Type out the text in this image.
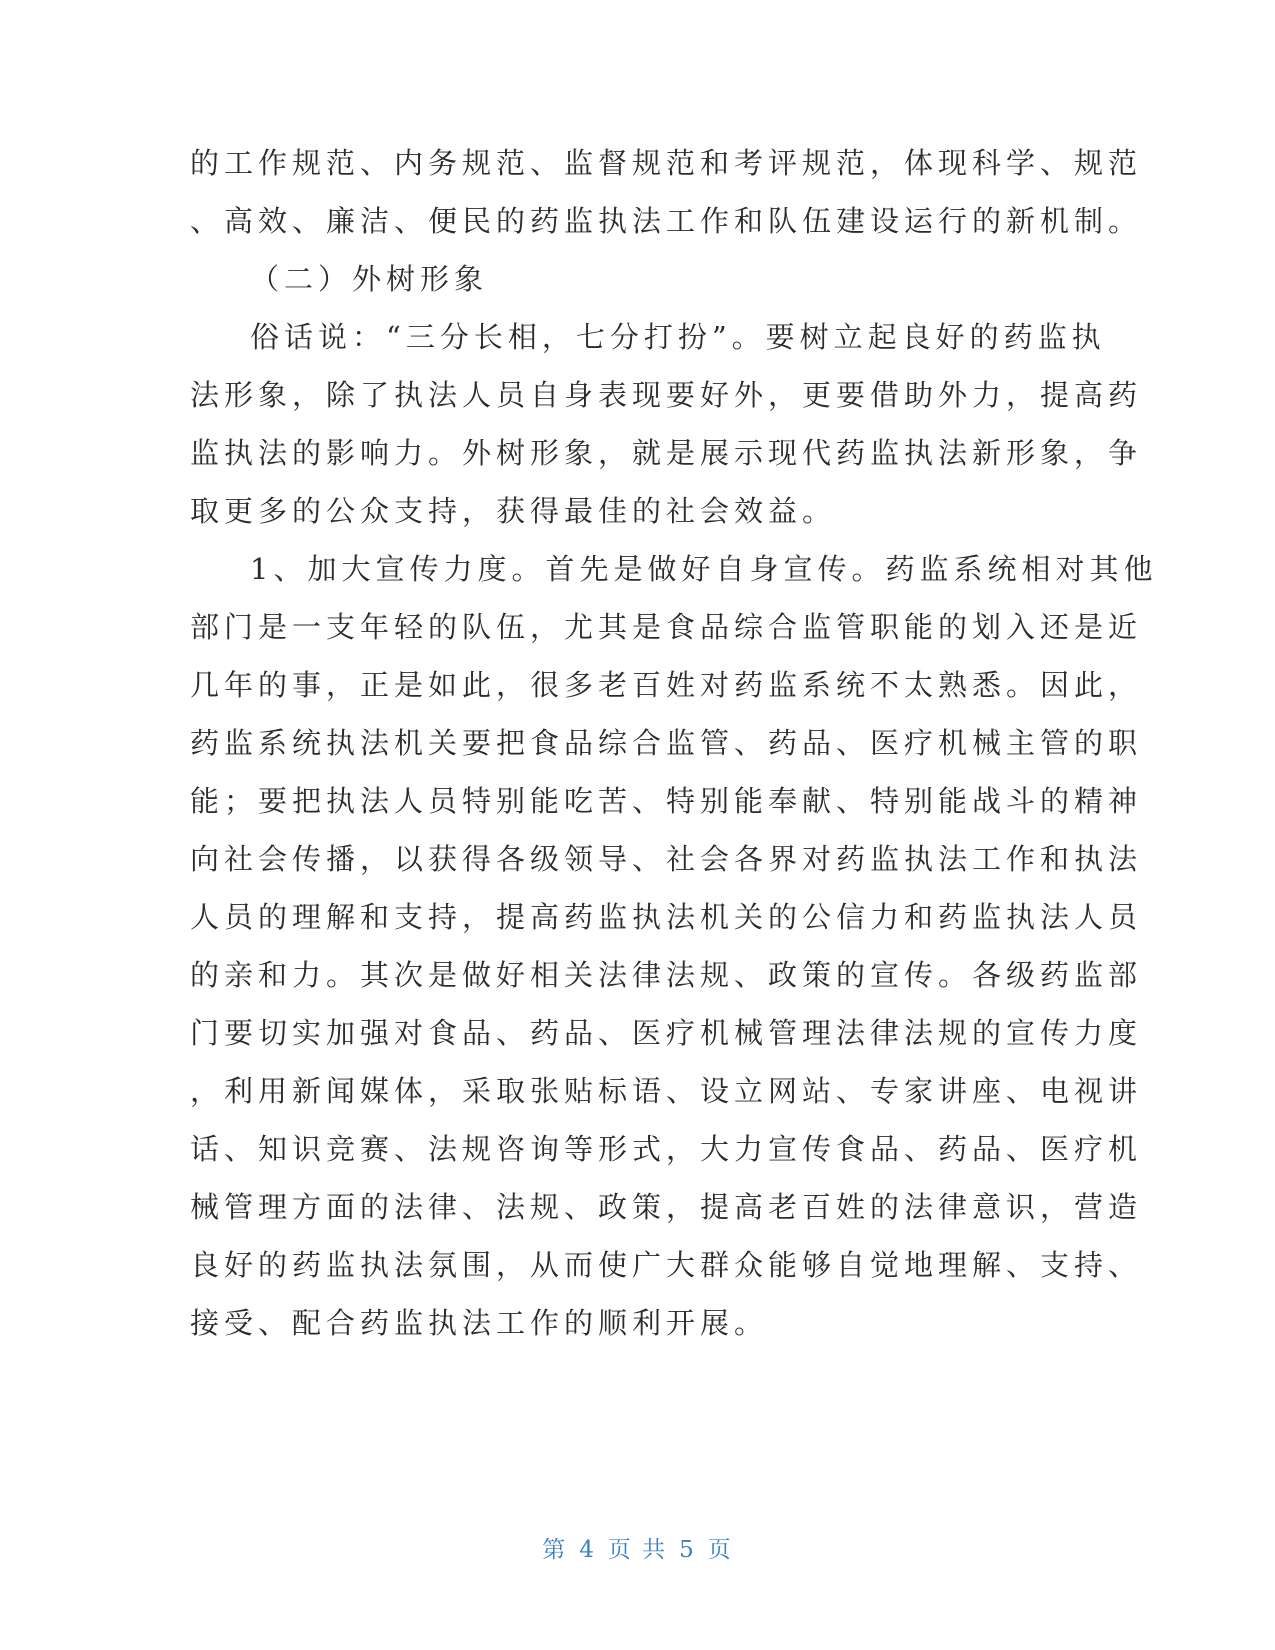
的工作规范、内务规范、监督规范和考评规范，体现科学、规范

、高效、廉洁、便民的药监执法工作和队伍建设运行的新机制。

（二）外树形象

俗话说：“三分长相，七分打扮”。要树立起良好的药监执

法形象，除了执法人员自身表现要好外，更要借助外力，提高药

监执法的影响力。外树形象，就是展示现代药监执法新形象，争

取更多的公众支持，获得最佳的社会效益。

1、加大宣传力度。首先是做好自身宣传。药监系统相对其他

部门是一支年轻的队伍，尤其是食品综合监管职能的划入还是近

几年的事，正是如此，很多老百姓对药监系统不太熟悉。因此，

药监系统执法机关要把食品综合监管、药品、医疗机械主管的职

能；要把执法人员特别能吃苦、特别能奉献、特别能战斗的精神

向社会传播，以获得各级领导、社会各界对药监执法工作和执法

人员的理解和支持，提高药监执法机关的公信力和药监执法人员

的亲和力。其次是做好相关法律法规、政策的宣传。各级药监部

门要切实加强对食品、药品、医疗机械管理法律法规的宣传力度

，利用新闻媒体，采取张贴标语、设立网站、专家讲座、电视讲

话、知识竞赛、法规咨询等形式，大力宣传食品、药品、医疗机

械管理方面的法律、法规、政策，提高老百姓的法律意识，营造

良好的药监执法氛围，从而使广大群众能够自觉地理解、支持、

接受、配合药监执法工作的顺利开展。

第 4 页 共 5 页
